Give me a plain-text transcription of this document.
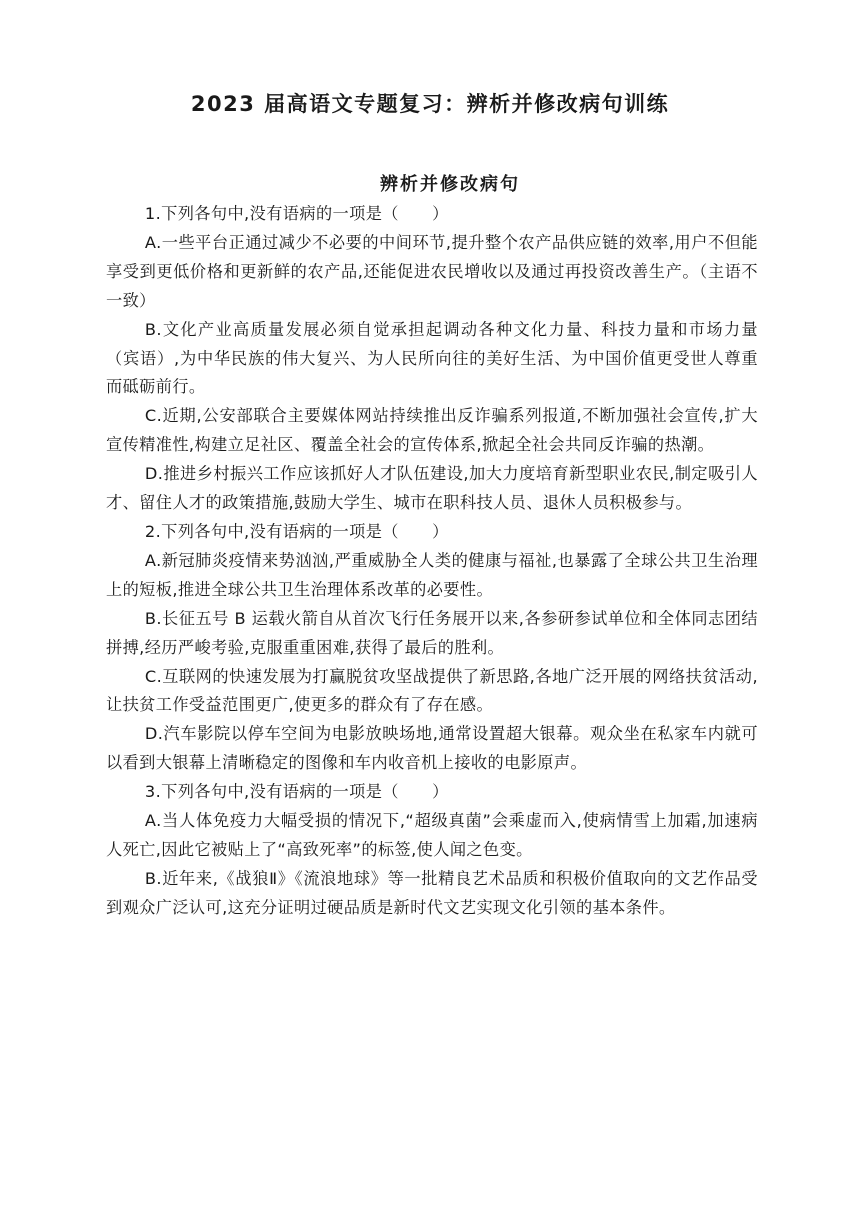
2023 届高语文专题复习：辨析并修改病句训练
辨析并修改病句

1.下列各句中,没有语病的一项是（　　）

A.一些平台正通过减少不必要的中间环节,提升整个农产品供应链的效率,用户不但能享受到更低价格和更新鲜的农产品,还能促进农民增收以及通过再投资改善生产。（主语不一致）

B.文化产业高质量发展必须自觉承担起调动各种文化力量、科技力量和市场力量（宾语）,为中华民族的伟大复兴、为人民所向往的美好生活、为中国价值更受世人尊重而砥砺前行。

C.近期,公安部联合主要媒体网站持续推出反诈骗系列报道,不断加强社会宣传,扩大宣传精准性,构建立足社区、覆盖全社会的宣传体系,掀起全社会共同反诈骗的热潮。

D.推进乡村振兴工作应该抓好人才队伍建设,加大力度培育新型职业农民,制定吸引人才、留住人才的政策措施,鼓励大学生、城市在职科技人员、退休人员积极参与。

2.下列各句中,没有语病的一项是（　　）

A.新冠肺炎疫情来势汹汹,严重威胁全人类的健康与福祉,也暴露了全球公共卫生治理上的短板,推进全球公共卫生治理体系改革的必要性。

B.长征五号 B 运载火箭自从首次飞行任务展开以来,各参研参试单位和全体同志团结拼搏,经历严峻考验,克服重重困难,获得了最后的胜利。

C.互联网的快速发展为打赢脱贫攻坚战提供了新思路,各地广泛开展的网络扶贫活动,让扶贫工作受益范围更广,使更多的群众有了存在感。

D.汽车影院以停车空间为电影放映场地,通常设置超大银幕。观众坐在私家车内就可以看到大银幕上清晰稳定的图像和车内收音机上接收的电影原声。

3.下列各句中,没有语病的一项是（　　）

A.当人体免疫力大幅受损的情况下,“超级真菌”会乘虚而入,使病情雪上加霜,加速病人死亡,因此它被贴上了“高致死率”的标签,使人闻之色变。

B.近年来,《战狼Ⅱ》《流浪地球》等一批精良艺术品质和积极价值取向的文艺作品受到观众广泛认可,这充分证明过硬品质是新时代文艺实现文化引领的基本条件。
